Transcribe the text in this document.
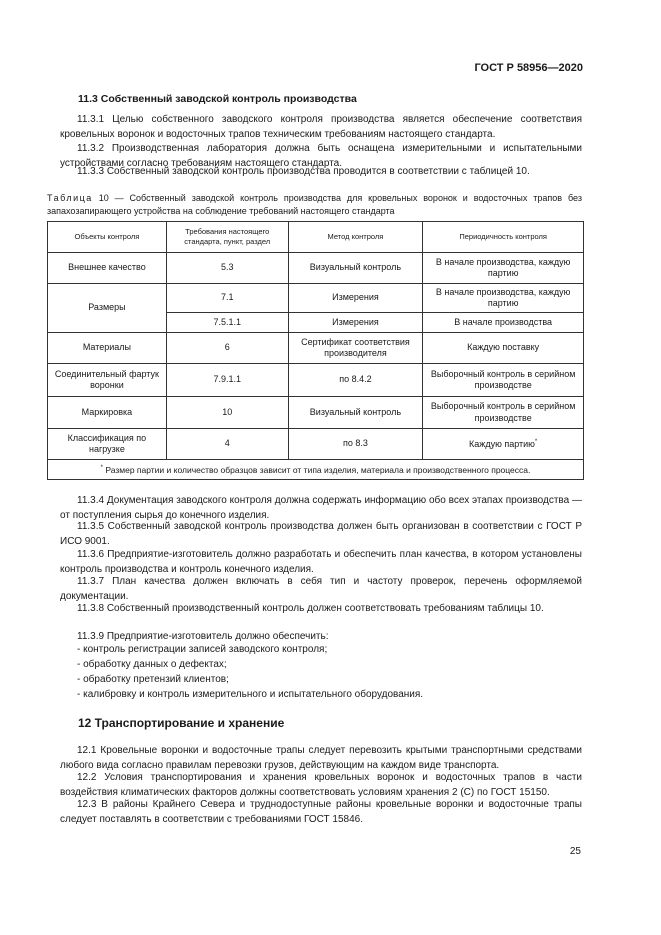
ГОСТ Р 58956—2020
11.3 Собственный заводской контроль производства
11.3.1 Целью собственного заводского контроля производства является обеспечение соответствия кровельных воронок и водосточных трапов техническим требованиям настоящего стандарта.
11.3.2 Производственная лаборатория должна быть оснащена измерительными и испытательными устройствами согласно требованиям настоящего стандарта.
11.3.3 Собственный заводской контроль производства проводится в соответствии с таблицей 10.
Таблица 10 — Собственный заводской контроль производства для кровельных воронок и водосточных трапов без запахозапирающего устройства на соблюдение требований настоящего стандарта
Объекты контроля	Требования настоящего стандарта, пункт, раздел	Метод контроля	Периодичность контроля
Внешнее качество	5.3	Визуальный контроль	В начале производства, каждую партию
Размеры	7.1	Измерения	В начале производства, каждую партию
	7.5.1.1	Измерения	В начале производства
Материалы	6	Сертификат соответствия производителя	Каждую поставку
Соединительный фартук воронки	7.9.1.1	по 8.4.2	Выборочный контроль в серийном производстве
Маркировка	10	Визуальный контроль	Выборочный контроль в серийном производстве
Классификация по нагрузке	4	по 8.3	Каждую партию*
* Размер партии и количество образцов зависит от типа изделия, материала и производственного процесса.			
11.3.4 Документация заводского контроля должна содержать информацию обо всех этапах производства — от поступления сырья до конечного изделия.
11.3.5 Собственный заводской контроль производства должен быть организован в соответствии с ГОСТ Р ИСО 9001.
11.3.6 Предприятие-изготовитель должно разработать и обеспечить план качества, в котором установлены контроль производства и контроль конечного изделия.
11.3.7 План качества должен включать в себя тип и частоту проверок, перечень оформляемой документации.
11.3.8 Собственный производственный контроль должен соответствовать требованиям таблицы 10.
11.3.9 Предприятие-изготовитель должно обеспечить:
- контроль регистрации записей заводского контроля;
- обработку данных о дефектах;
- обработку претензий клиентов;
- калибровку и контроль измерительного и испытательного оборудования.
12 Транспортирование и хранение
12.1 Кровельные воронки и водосточные трапы следует перевозить крытыми транспортными средствами любого вида согласно правилам перевозки грузов, действующим на каждом виде транспорта.
12.2 Условия транспортирования и хранения кровельных воронок и водосточных трапов в части воздействия климатических факторов должны соответствовать условиям хранения 2 (С) по ГОСТ 15150.
12.3 В районы Крайнего Севера и труднодоступные районы кровельные воронки и водосточные трапы следует поставлять в соответствии с требованиями ГОСТ 15846.
25
